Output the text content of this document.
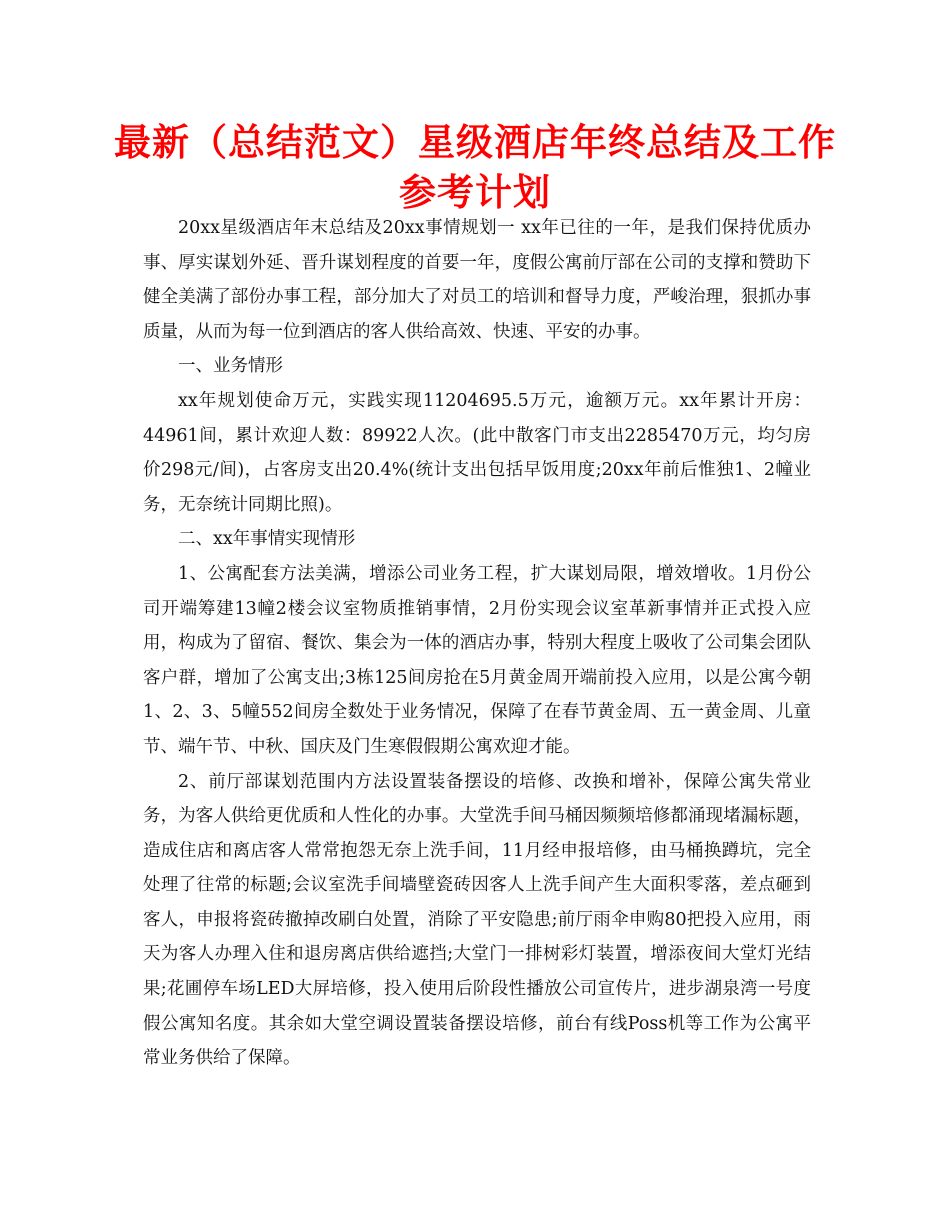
最新（总结范文）星级酒店年终总结及工作参考计划

20xx星级酒店年末总结及20xx事情规划一 xx年已往的一年，是我们保持优质办事、厚实谋划外延、晋升谋划程度的首要一年，度假公寓前厅部在公司的支撑和赞助下健全美满了部份办事工程，部分加大了对员工的培训和督导力度，严峻治理，狠抓办事质量，从而为每一位到酒店的客人供给高效、快速、平安的办事。

一、业务情形

xx年规划使命万元，实践实现11204695.5万元，逾额万元。xx年累计开房：44961间，累计欢迎人数：89922人次。(此中散客门市支出2285470万元，均匀房价298元/间)，占客房支出20.4%(统计支出包括早饭用度;20xx年前后惟独1、2幢业务，无奈统计同期比照)。

二、xx年事情实现情形

1、公寓配套方法美满，增添公司业务工程，扩大谋划局限，增效增收。1月份公司开端筹建13幢2楼会议室物质推销事情，2月份实现会议室革新事情并正式投入应用，构成为了留宿、餐饮、集会为一体的酒店办事，特别大程度上吸收了公司集会团队客户群，增加了公寓支出;3栋125间房抢在5月黄金周开端前投入应用，以是公寓今朝1、2、3、5幢552间房全数处于业务情况，保障了在春节黄金周、五一黄金周、儿童节、端午节、中秋、国庆及门生寒假假期公寓欢迎才能。

2、前厅部谋划范围内方法设置装备摆设的培修、改换和增补，保障公寓失常业务，为客人供给更优质和人性化的办事。大堂洗手间马桶因频频培修都涌现堵漏标题，造成住店和离店客人常常抱怨无奈上洗手间，11月经申报培修，由马桶换蹲坑，完全处理了往常的标题;会议室洗手间墙壁瓷砖因客人上洗手间产生大面积零落，差点砸到客人，申报将瓷砖撤掉改刷白处置，消除了平安隐患;前厅雨伞申购80把投入应用，雨天为客人办理入住和退房离店供给遮挡;大堂门一排树彩灯装置，增添夜间大堂灯光结果;花圃停车场LED大屏培修，投入使用后阶段性播放公司宣传片，进步湖泉湾一号度假公寓知名度。其余如大堂空调设置装备摆设培修，前台有线Poss机等工作为公寓平常业务供给了保障。
